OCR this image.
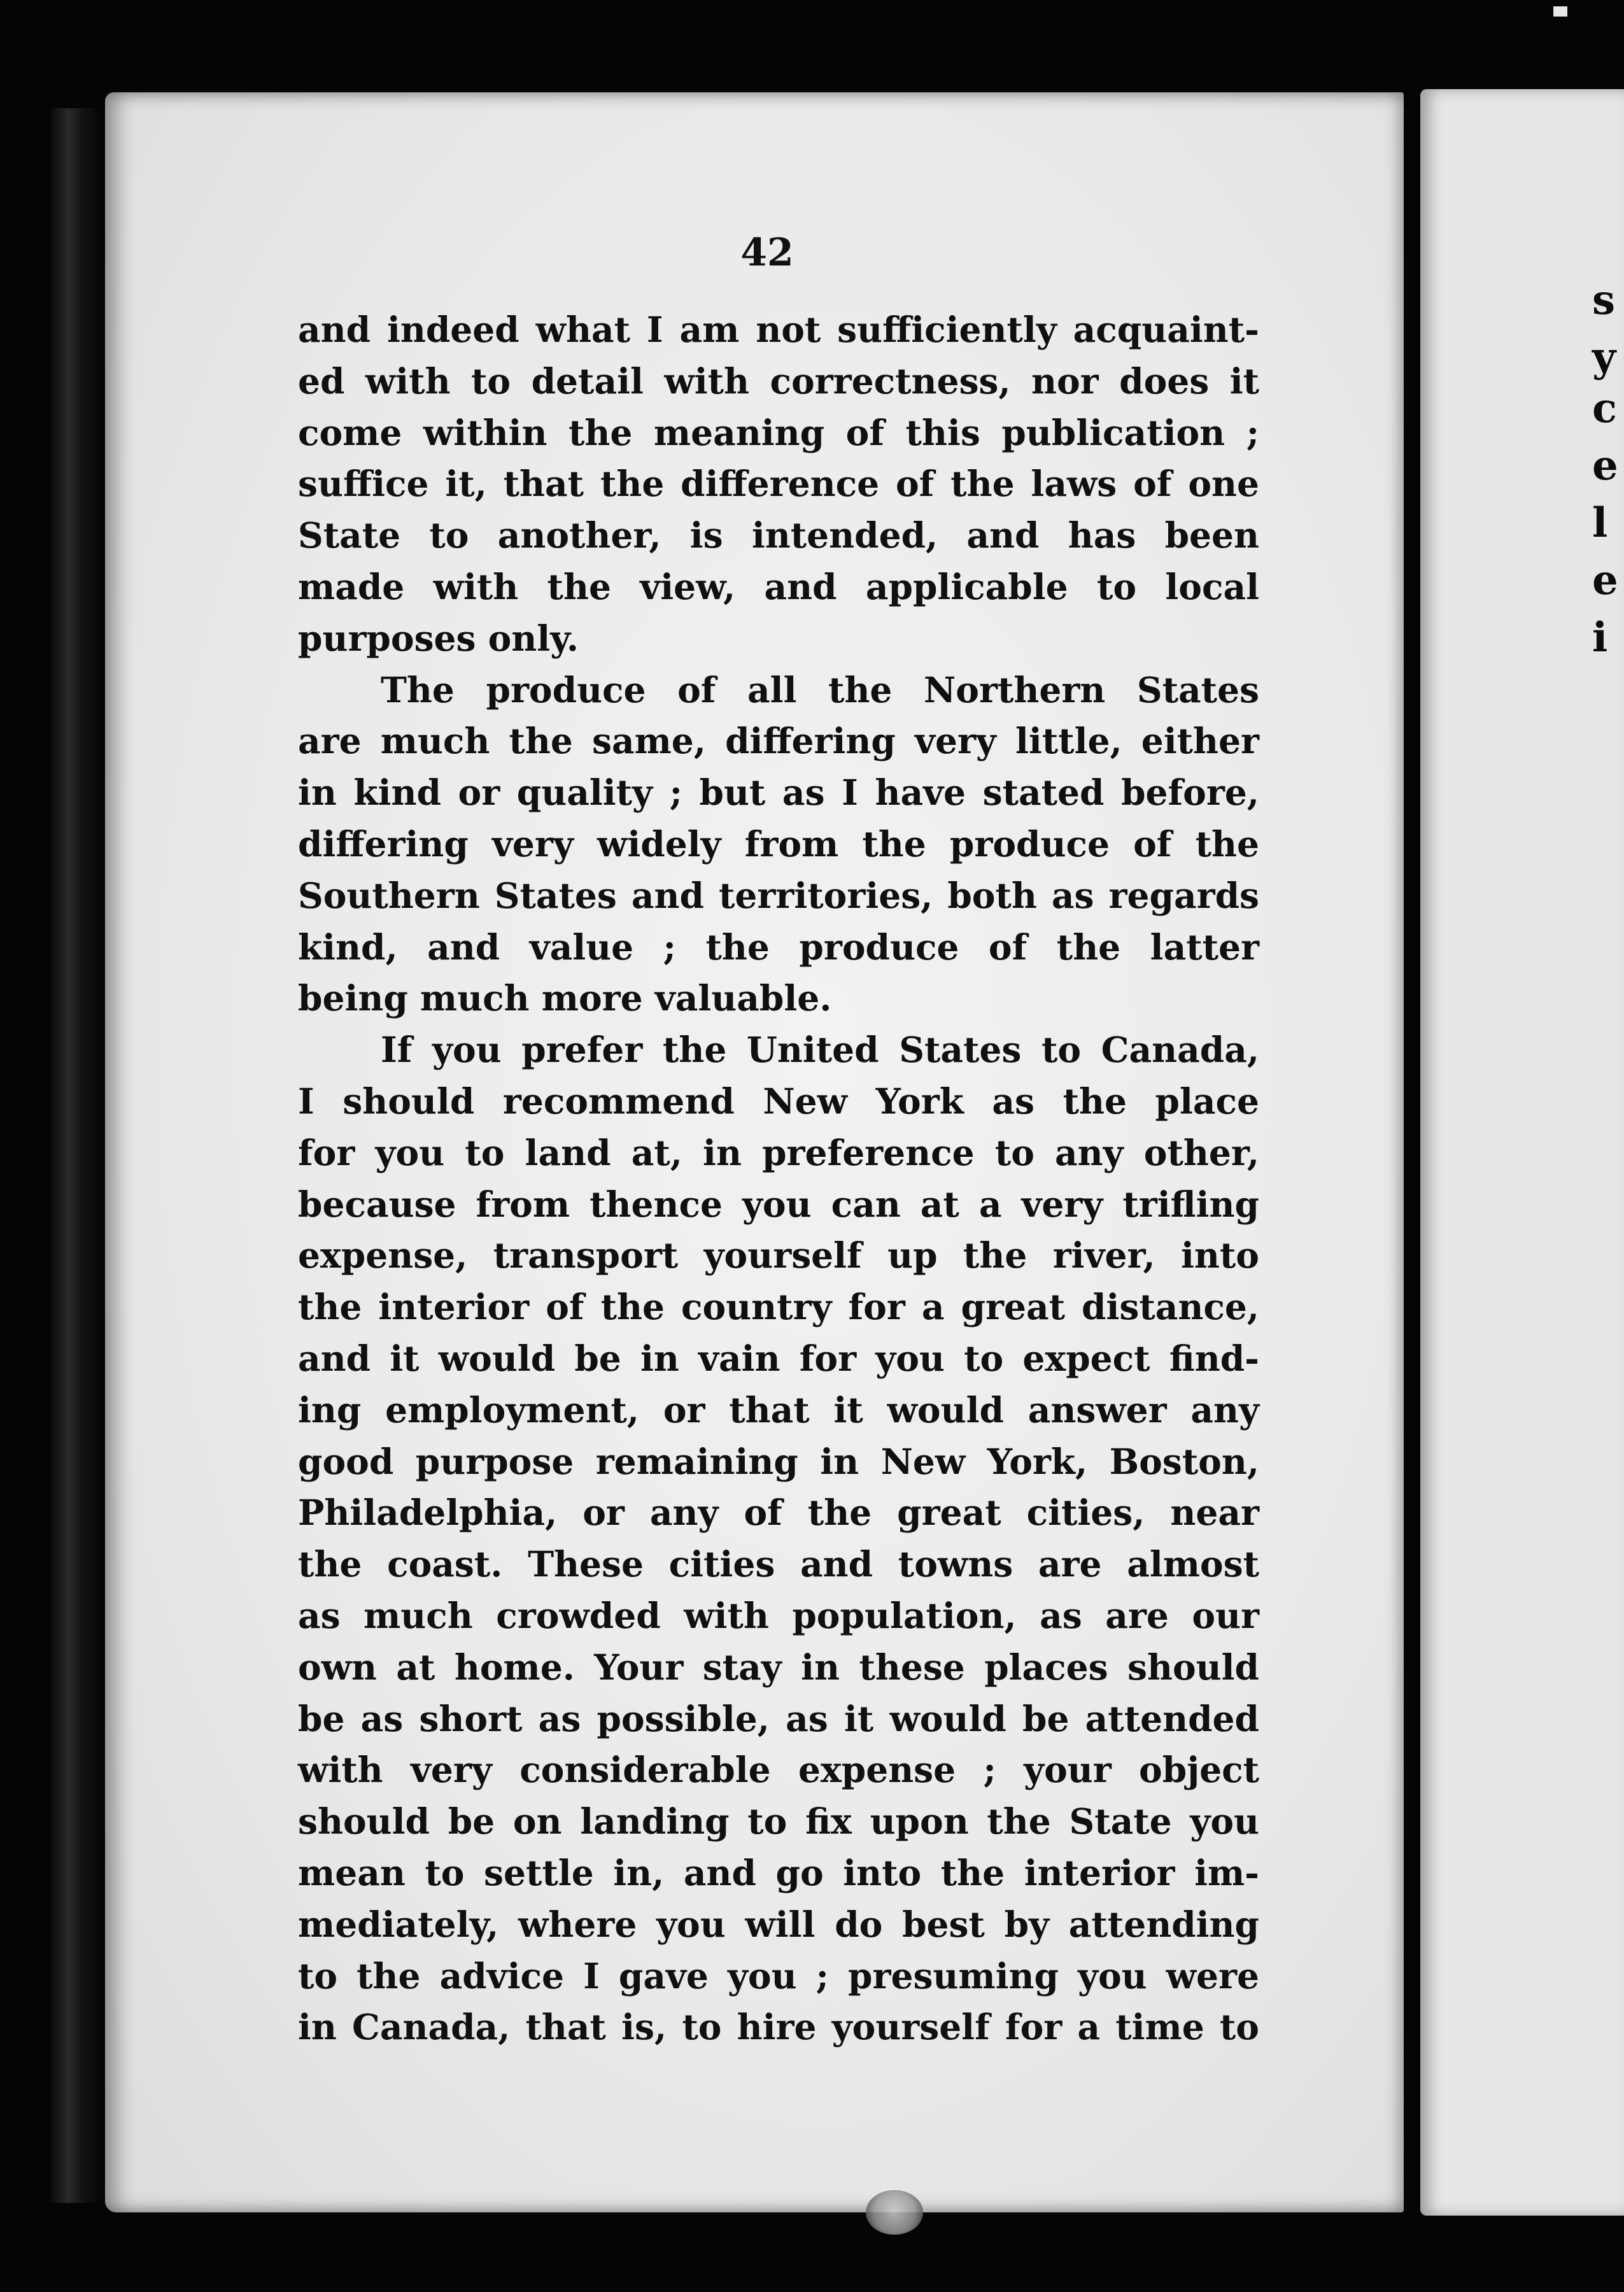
42
and indeed what I am not sufficiently acquaint-
ed with to detail with correctness, nor does it
come within the meaning of this publication ;
suffice it, that the difference of the laws of one
State to another, is intended, and has been
made with the view, and applicable to local
purposes only.
The produce of all the Northern States
are much the same, differing very little, either
in kind or quality ; but as I have stated before,
differing very widely from the produce of the
Southern States and territories, both as regards
kind, and value ; the produce of the latter
being much more valuable.
If you prefer the United States to Canada,
I should recommend New York as the place
for you to land at, in preference to any other,
because from thence you can at a very trifling
expense, transport yourself up the river, into
the interior of the country for a great distance,
and it would be in vain for you to expect find-
ing employment, or that it would answer any
good purpose remaining in New York, Boston,
Philadelphia, or any of the great cities, near
the coast. These cities and towns are almost
as much crowded with population, as are our
own at home. Your stay in these places should
be as short as possible, as it would be attended
with very considerable expense ; your object
should be on landing to fix upon the State you
mean to settle in, and go into the interior im-
mediately, where you will do best by attending
to the advice I gave you ; presuming you were
in Canada, that is, to hire yourself for a time to
s
y
c
e
l
e
i
